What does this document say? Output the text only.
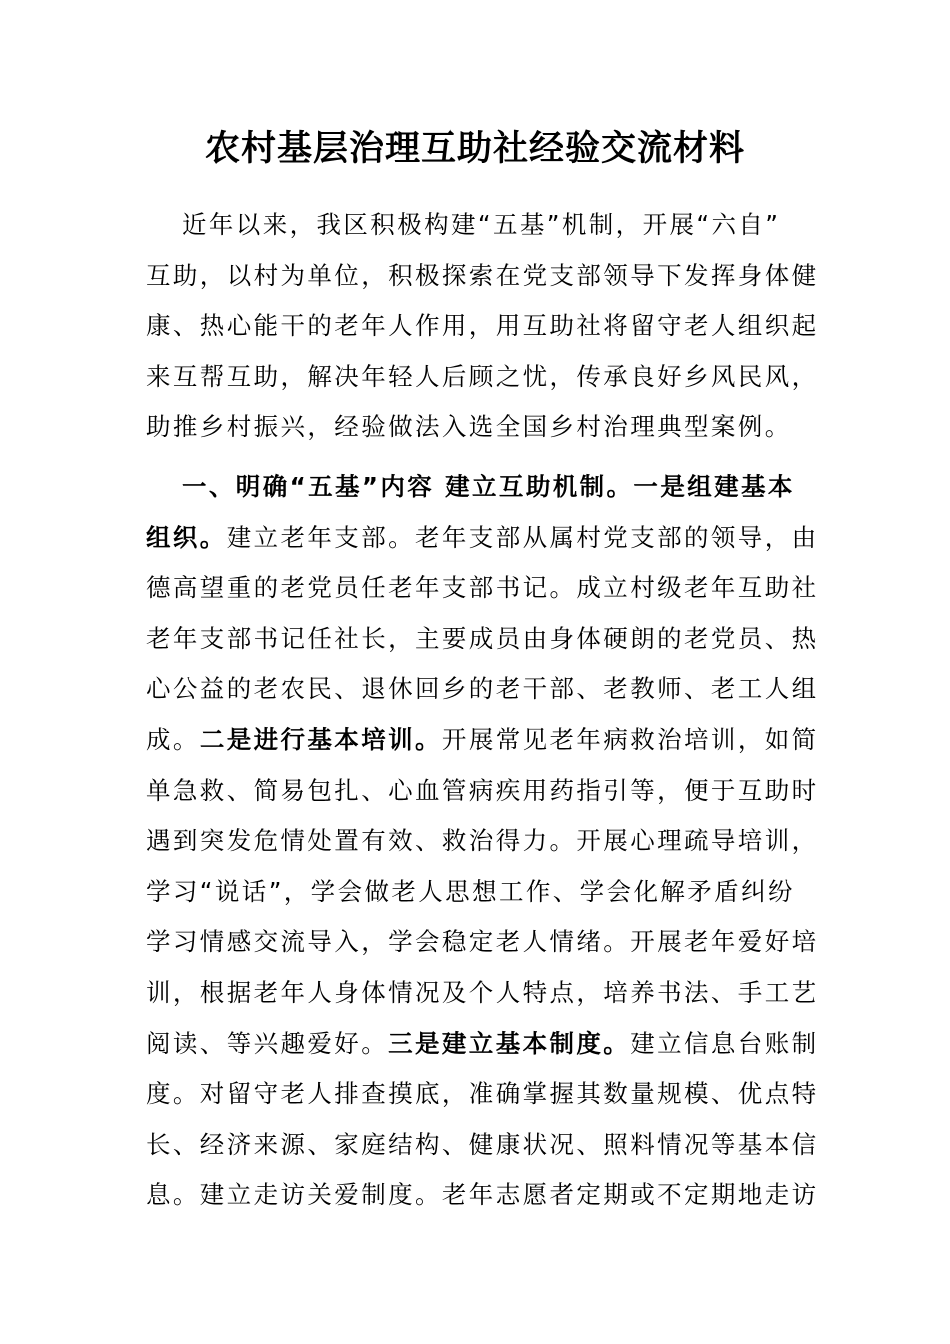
农村基层治理互助社经验交流材料
近年以来，我区积极构建“五基”机制，开展“六自”
互助，以村为单位，积极探索在党支部领导下发挥身体健
康、热心能干的老年人作用，用互助社将留守老人组织起
来互帮互助，解决年轻人后顾之忧，传承良好乡风民风，
助推乡村振兴，经验做法入选全国乡村治理典型案例。
一、明确“五基”内容 建立互助机制。一是组建基本
组织。建立老年支部。老年支部从属村党支部的领导，由
德高望重的老党员任老年支部书记。成立村级老年互助社
老年支部书记任社长，主要成员由身体硬朗的老党员、热
心公益的老农民、退休回乡的老干部、老教师、老工人组
成。二是进行基本培训。开展常见老年病救治培训，如简
单急救、简易包扎、心血管病疾用药指引等，便于互助时
遇到突发危情处置有效、救治得力。开展心理疏导培训，
学习“说话”，学会做老人思想工作、学会化解矛盾纠纷
学习情感交流导入，学会稳定老人情绪。开展老年爱好培
训，根据老年人身体情况及个人特点，培养书法、手工艺
阅读、等兴趣爱好。三是建立基本制度。建立信息台账制
度。对留守老人排查摸底，准确掌握其数量规模、优点特
长、经济来源、家庭结构、健康状况、照料情况等基本信
息。建立走访关爱制度。老年志愿者定期或不定期地走访
